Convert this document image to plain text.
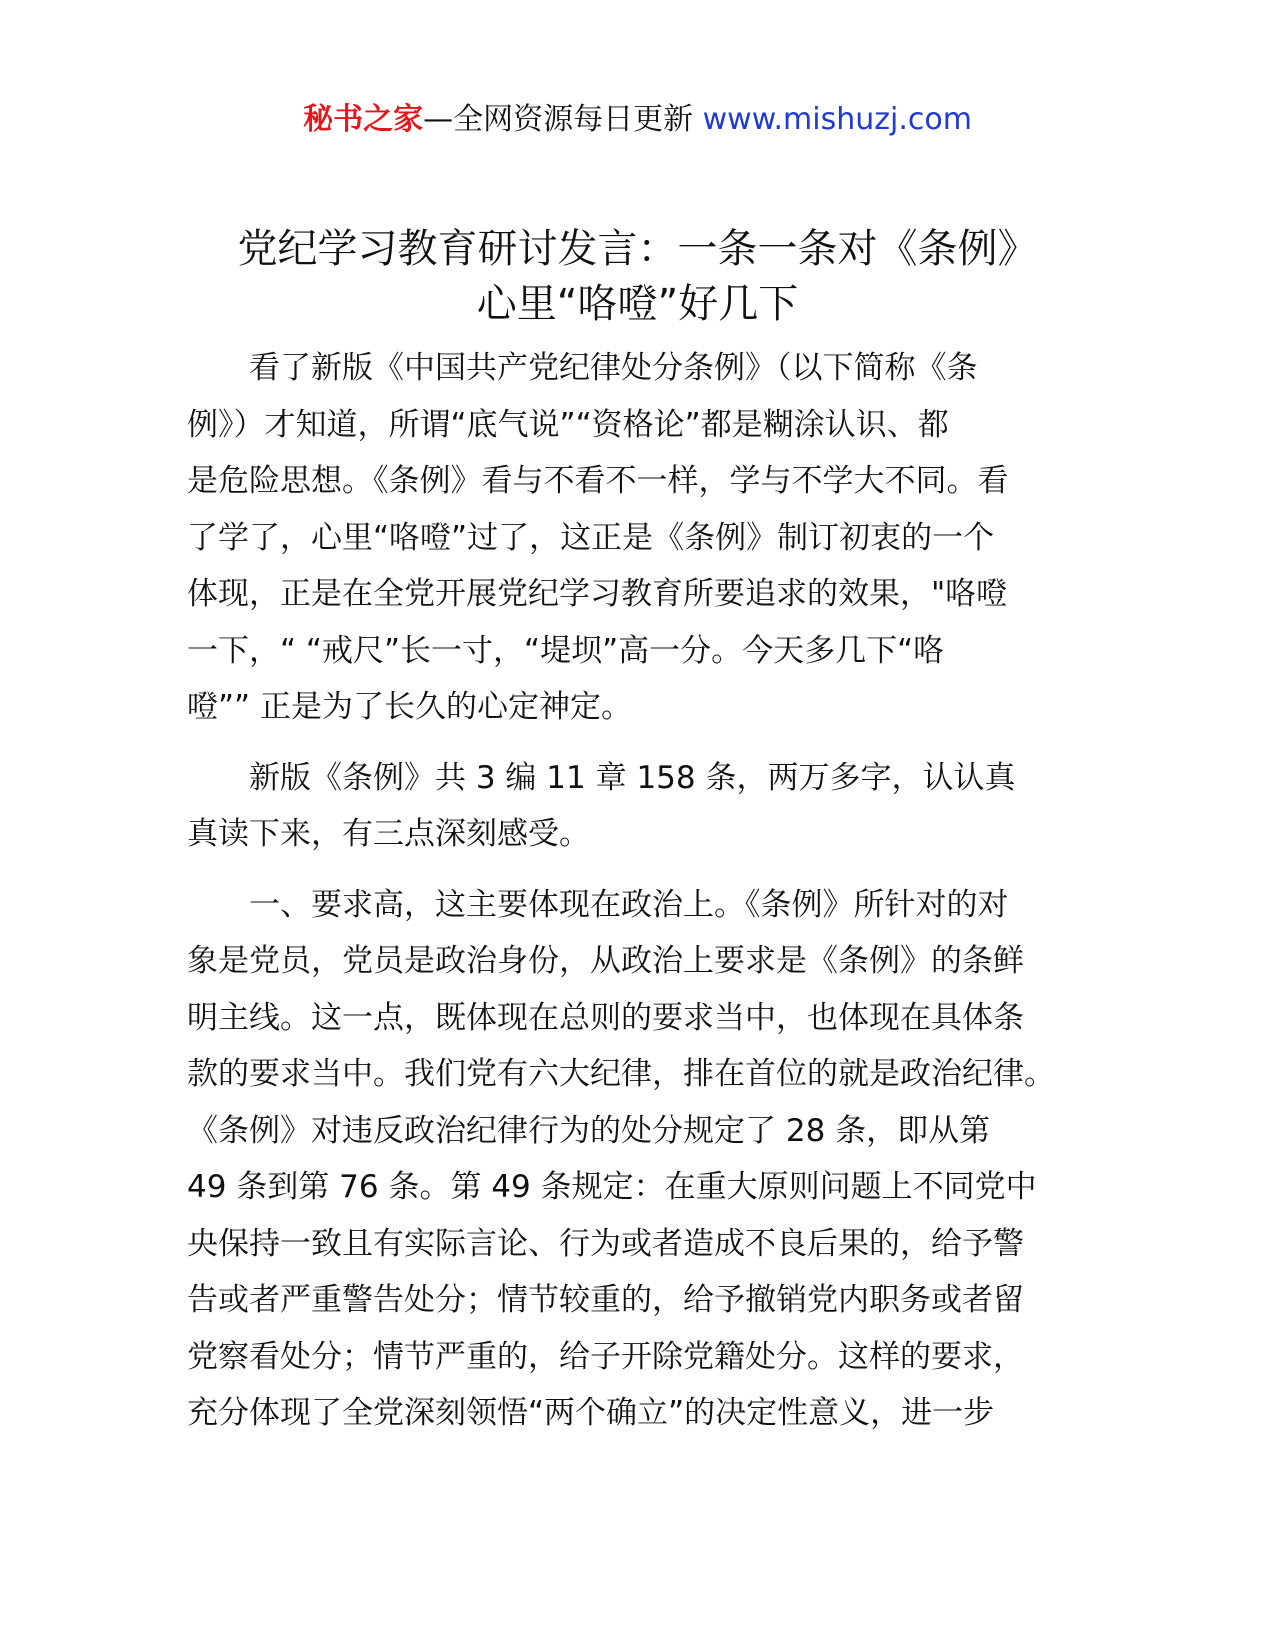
秘书之家—全网资源每日更新 www.mishuzj.com
党纪学习教育研讨发言：一条一条对《条例》
心里“咯噔”好几下

看了新版《中国共产党纪律处分条例》（以下简称《条
例》）才知道，所谓“底气说”“资格论”都是糊涂认识、都
是危险思想。《条例》看与不看不一样，学与不学大不同。看
了学了，心里“咯噔”过了，这正是《条例》制订初衷的一个
体现，正是在全党开展党纪学习教育所要追求的效果，"咯噔
一下，“ “戒尺”长一寸，“堤坝”高一分。今天多几下“咯
噔”” 正是为了长久的心定神定。

新版《条例》共 3 编 11 章 158 条，两万多字，认认真
真读下来，有三点深刻感受。

一、要求高，这主要体现在政治上。《条例》所针对的对
象是党员，党员是政治身份，从政治上要求是《条例》的条鲜
明主线。这一点，既体现在总则的要求当中，也体现在具体条
款的要求当中。我们党有六大纪律，排在首位的就是政治纪律。
《条例》对违反政治纪律行为的处分规定了 28 条，即从第
49 条到第 76 条。第 49 条规定：在重大原则问题上不同党中
央保持一致且有实际言论、行为或者造成不良后果的，给予警
告或者严重警告处分；情节较重的，给予撤销党内职务或者留
党察看处分；情节严重的，给子开除党籍处分。这样的要求，
充分体现了全党深刻领悟“两个确立”的决定性意义，进一步
